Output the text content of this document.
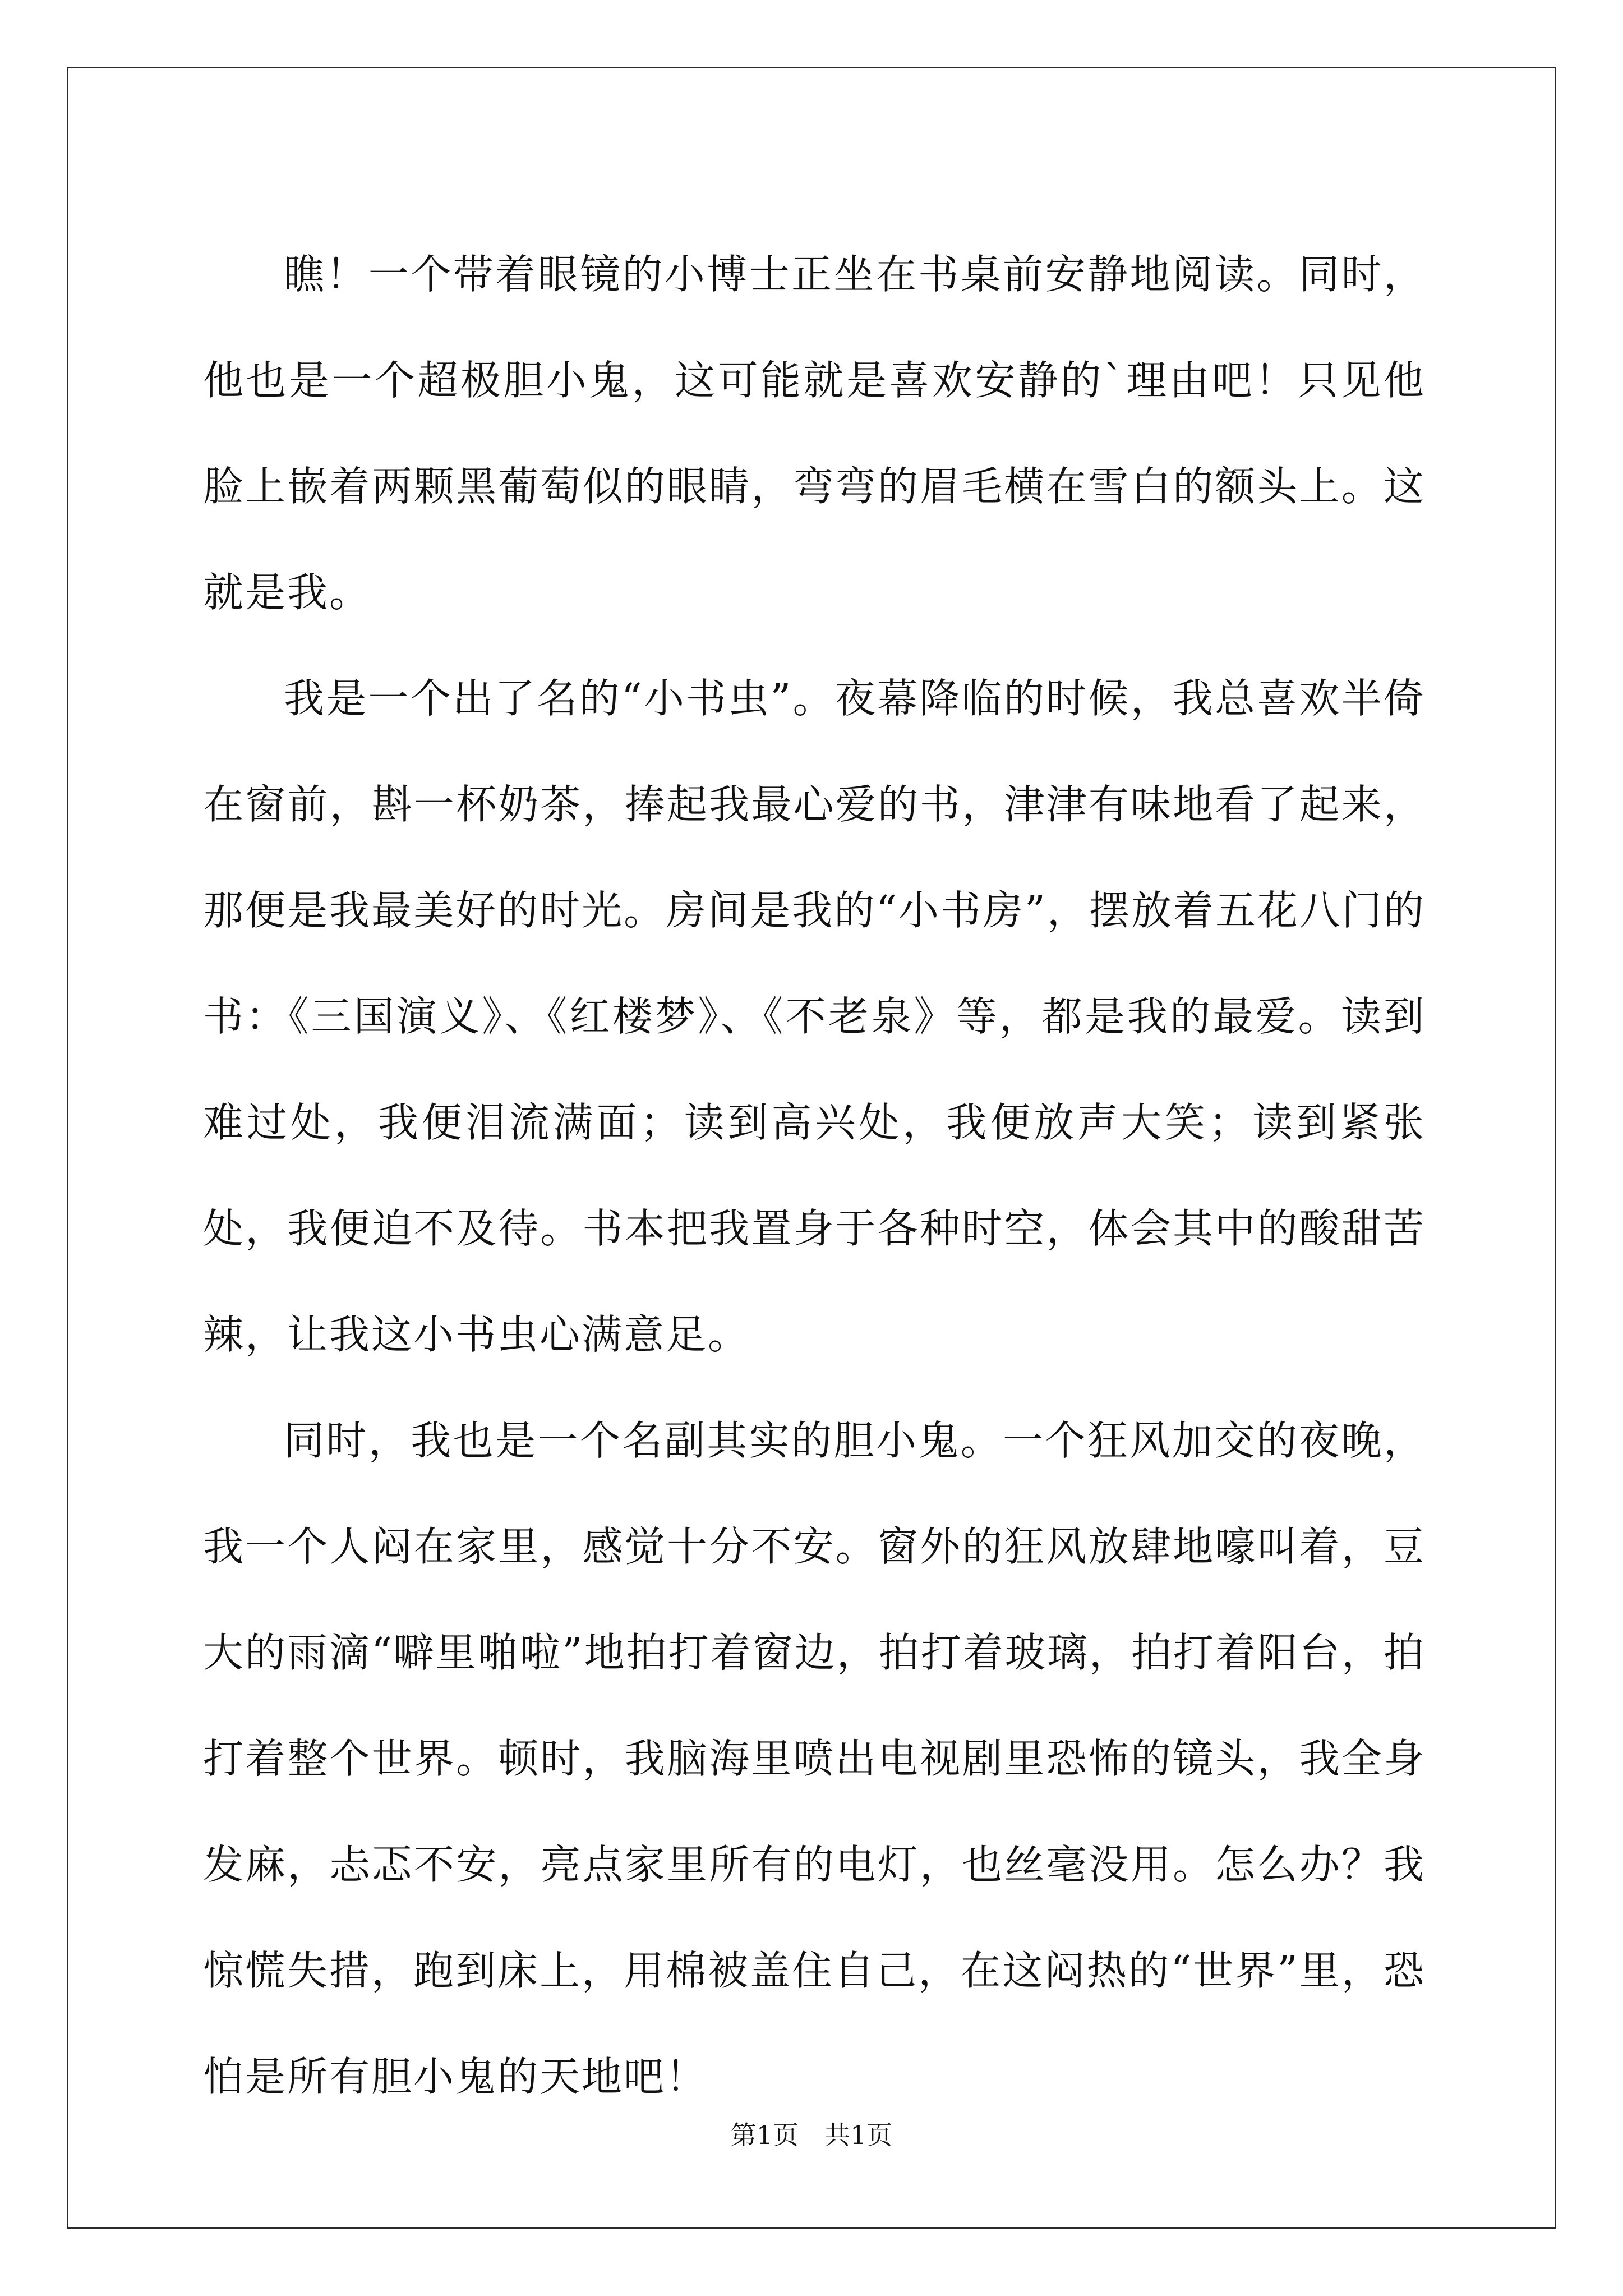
瞧！一个带着眼镜的小博士正坐在书桌前安静地阅读。同时，他也是一个超极胆小鬼，这可能就是喜欢安静的`理由吧！只见他脸上嵌着两颗黑葡萄似的眼睛，弯弯的眉毛横在雪白的额头上。这就是我。

我是一个出了名的“小书虫”。夜幕降临的时候，我总喜欢半倚在窗前，斟一杯奶茶，捧起我最心爱的书，津津有味地看了起来，那便是我最美好的时光。房间是我的“小书房”，摆放着五花八门的书：《三国演义》、《红楼梦》、《不老泉》等，都是我的最爱。读到难过处，我便泪流满面；读到高兴处，我便放声大笑；读到紧张处，我便迫不及待。书本把我置身于各种时空，体会其中的酸甜苦辣，让我这小书虫心满意足。

同时，我也是一个名副其实的胆小鬼。一个狂风加交的夜晚，我一个人闷在家里，感觉十分不安。窗外的狂风放肆地嚎叫着，豆大的雨滴“噼里啪啦”地拍打着窗边，拍打着玻璃，拍打着阳台，拍打着整个世界。顿时，我脑海里喷出电视剧里恐怖的镜头，我全身发麻，忐忑不安，亮点家里所有的电灯，也丝毫没用。怎么办？我惊慌失措，跑到床上，用棉被盖住自己，在这闷热的“世界”里，恐怕是所有胆小鬼的天地吧！

第1页　共1页
